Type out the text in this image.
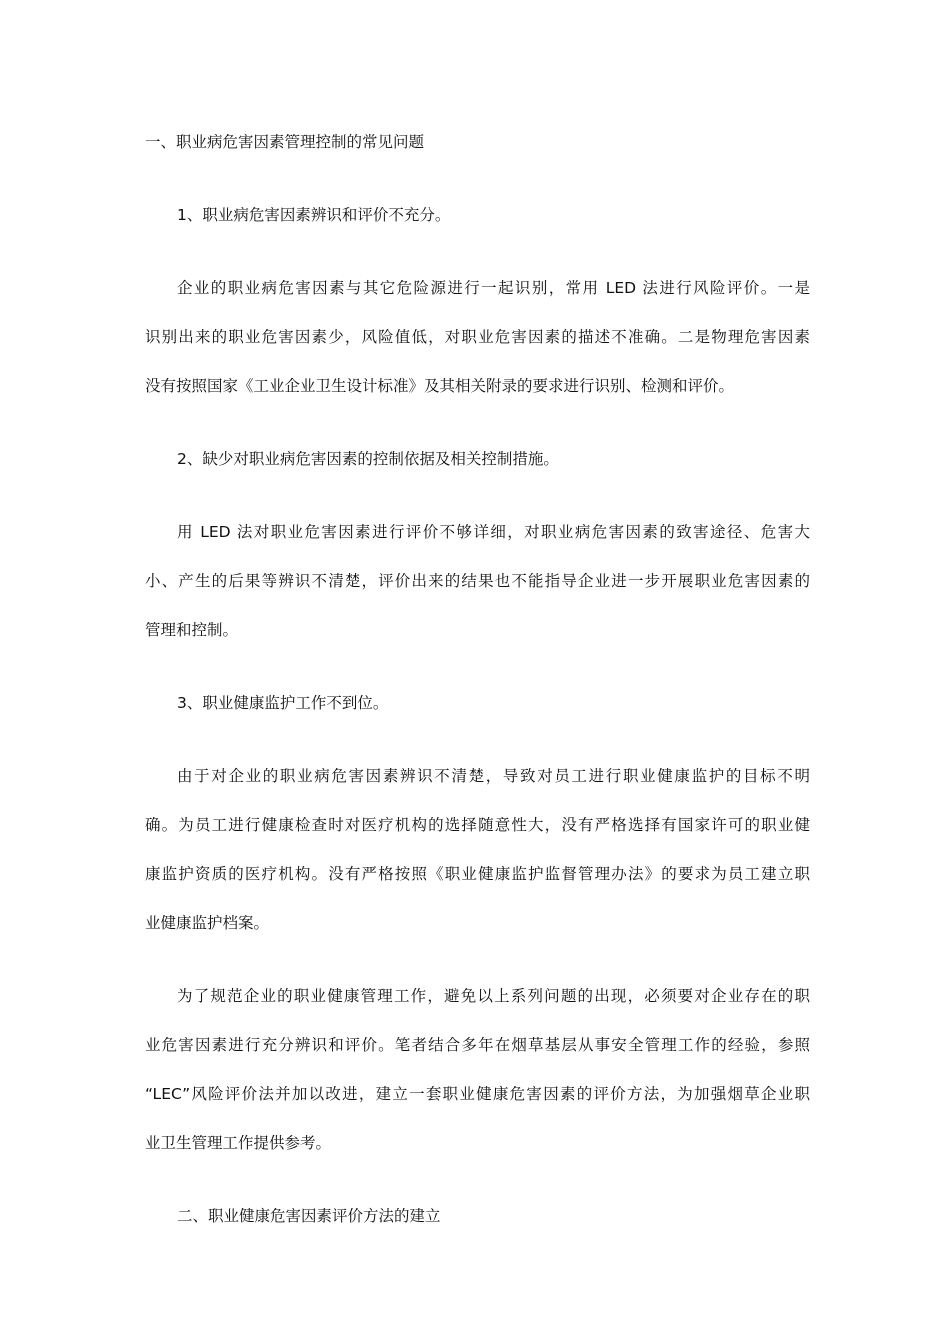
一、职业病危害因素管理控制的常见问题
1、职业病危害因素辨识和评价不充分。
企业的职业病危害因素与其它危险源进行一起识别，常用 LED 法进行风险评价。一是
识别出来的职业危害因素少，风险值低，对职业危害因素的描述不准确。二是物理危害因素
没有按照国家《工业企业卫生设计标准》及其相关附录的要求进行识别、检测和评价。
2、缺少对职业病危害因素的控制依据及相关控制措施。
用 LED 法对职业危害因素进行评价不够详细，对职业病危害因素的致害途径、危害大
小、产生的后果等辨识不清楚，评价出来的结果也不能指导企业进一步开展职业危害因素的
管理和控制。
3、职业健康监护工作不到位。
由于对企业的职业病危害因素辨识不清楚，导致对员工进行职业健康监护的目标不明
确。为员工进行健康检查时对医疗机构的选择随意性大，没有严格选择有国家许可的职业健
康监护资质的医疗机构。没有严格按照《职业健康监护监督管理办法》的要求为员工建立职
业健康监护档案。
为了规范企业的职业健康管理工作，避免以上系列问题的出现，必须要对企业存在的职
业危害因素进行充分辨识和评价。笔者结合多年在烟草基层从事安全管理工作的经验，参照
“LEC”风险评价法并加以改进，建立一套职业健康危害因素的评价方法，为加强烟草企业职
业卫生管理工作提供参考。
二、职业健康危害因素评价方法的建立
